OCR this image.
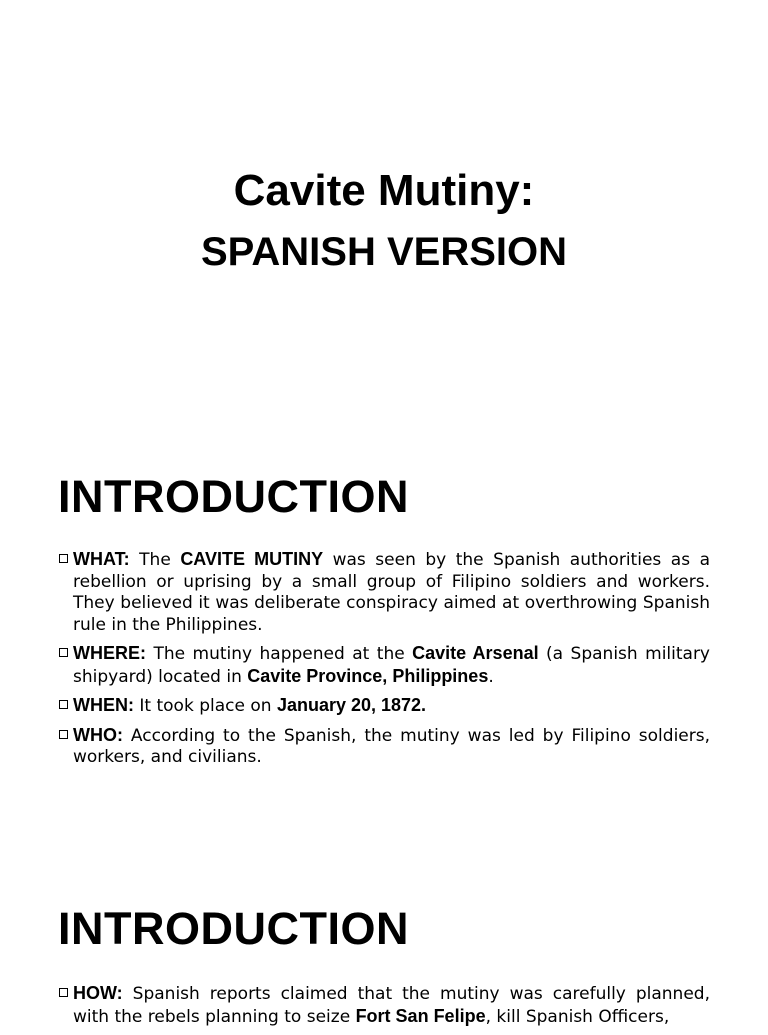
Cavite Mutiny:
SPANISH VERSION
INTRODUCTION
WHAT: The CAVITE MUTINY was seen by the Spanish authorities as a rebellion or uprising by a small group of Filipino soldiers and workers. They believed it was deliberate conspiracy aimed at overthrowing Spanish rule in the Philippines.
WHERE: The mutiny happened at the Cavite Arsenal (a Spanish military shipyard) located in Cavite Province, Philippines.
WHEN: It took place on January 20, 1872.
WHO: According to the Spanish, the mutiny was led by Filipino soldiers, workers, and civilians.
INTRODUCTION
HOW: Spanish reports claimed that the mutiny was carefully planned, with the rebels planning to seize Fort San Felipe, kill Spanish Officers,
